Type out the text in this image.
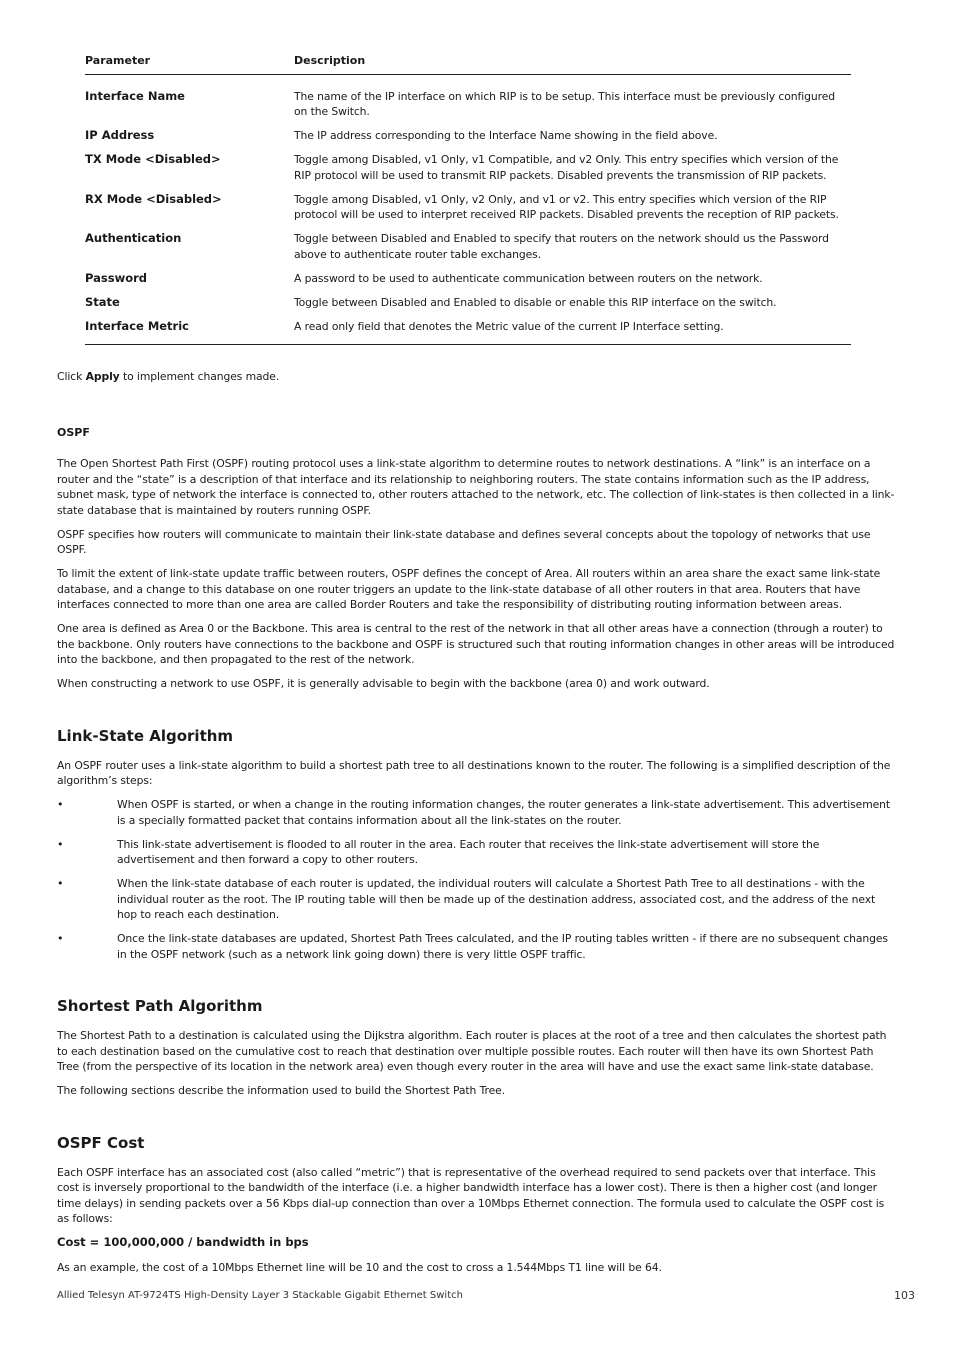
Parameter	Description
Interface Name	The name of the IP interface on which RIP is to be setup. This interface must be previously configured on the Switch.
IP Address	The IP address corresponding to the Interface Name showing in the field above.
TX Mode <Disabled>	Toggle among Disabled, v1 Only, v1 Compatible, and v2 Only. This entry specifies which version of the RIP protocol will be used to transmit RIP packets. Disabled prevents the transmission of RIP packets.
RX Mode <Disabled>	Toggle among Disabled, v1 Only, v2 Only, and v1 or v2. This entry specifies which version of the RIP protocol will be used to interpret received RIP packets. Disabled prevents the reception of RIP packets.
Authentication	Toggle between Disabled and Enabled to specify that routers on the network should us the Password above to authenticate router table exchanges.
Password	A password to be used to authenticate communication between routers on the network.
State	Toggle between Disabled and Enabled to disable or enable this RIP interface on the switch.
Interface Metric	A read only field that denotes the Metric value of the current IP Interface setting.

Click Apply to implement changes made.

OSPF

The Open Shortest Path First (OSPF) routing protocol uses a link-state algorithm to determine routes to network destinations. A “link” is an interface on a router and the “state” is a description of that interface and its relationship to neighboring routers. The state contains information such as the IP address, subnet mask, type of network the interface is connected to, other routers attached to the network, etc. The collection of link-states is then collected in a link-state database that is maintained by routers running OSPF.

OSPF specifies how routers will communicate to maintain their link-state database and defines several concepts about the topology of networks that use OSPF.

To limit the extent of link-state update traffic between routers, OSPF defines the concept of Area. All routers within an area share the exact same link-state database, and a change to this database on one router triggers an update to the link-state database of all other routers in that area. Routers that have interfaces connected to more than one area are called Border Routers and take the responsibility of distributing routing information between areas.

One area is defined as Area 0 or the Backbone. This area is central to the rest of the network in that all other areas have a connection (through a router) to the backbone. Only routers have connections to the backbone and OSPF is structured such that routing information changes in other areas will be introduced into the backbone, and then propagated to the rest of the network.

When constructing a network to use OSPF, it is generally advisable to begin with the backbone (area 0) and work outward.

Link-State Algorithm

An OSPF router uses a link-state algorithm to build a shortest path tree to all destinations known to the router. The following is a simplified description of the algorithm’s steps:

•	When OSPF is started, or when a change in the routing information changes, the router generates a link-state advertisement. This advertisement is a specially formatted packet that contains information about all the link-states on the router.
•	This link-state advertisement is flooded to all router in the area. Each router that receives the link-state advertisement will store the advertisement and then forward a copy to other routers.
•	When the link-state database of each router is updated, the individual routers will calculate a Shortest Path Tree to all destinations - with the individual router as the root. The IP routing table will then be made up of the destination address, associated cost, and the address of the next hop to reach each destination.
•	Once the link-state databases are updated, Shortest Path Trees calculated, and the IP routing tables written - if there are no subsequent changes in the OSPF network (such as a network link going down) there is very little OSPF traffic.
Shortest Path Algorithm

The Shortest Path to a destination is calculated using the Dijkstra algorithm. Each router is places at the root of a tree and then calculates the shortest path to each destination based on the cumulative cost to reach that destination over multiple possible routes. Each router will then have its own Shortest Path Tree (from the perspective of its location in the network area) even though every router in the area will have and use the exact same link-state database.

The following sections describe the information used to build the Shortest Path Tree.

OSPF Cost

Each OSPF interface has an associated cost (also called “metric”) that is representative of the overhead required to send packets over that interface. This cost is inversely proportional to the bandwidth of the interface (i.e. a higher bandwidth interface has a lower cost). There is then a higher cost (and longer time delays) in sending packets over a 56 Kbps dial-up connection than over a 10Mbps Ethernet connection. The formula used to calculate the OSPF cost is as follows:

Cost = 100,000,000 / bandwidth in bps

As an example, the cost of a 10Mbps Ethernet line will be 10 and the cost to cross a 1.544Mbps T1 line will be 64.

Allied Telesyn AT-9724TS High-Density Layer 3 Stackable Gigabit Ethernet Switch	103
